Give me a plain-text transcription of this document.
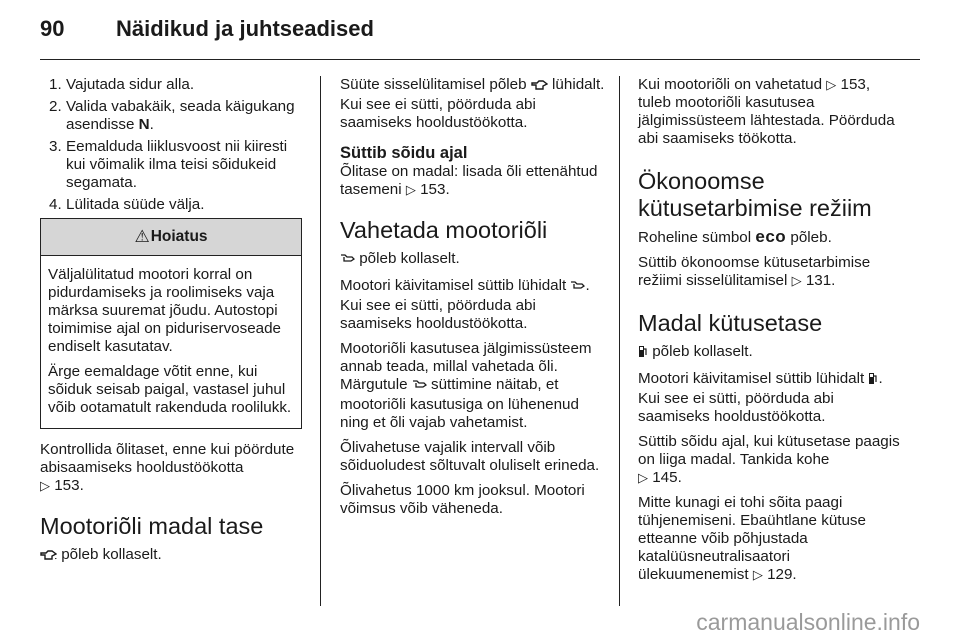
90	Näidikud ja juhtseadised
1. Vajutada sidur alla.
2. Valida vabakäik, seada käigukang asendisse N.
3. Eemalduda liiklusvoost nii kiiresti kui võimalik ilma teisi sõidukeid segamata.
4. Lülitada süüde välja.
⚠ Hoiatus

Väljalülitatud mootori korral on pidurdamiseks ja roolimiseks vaja märksa suuremat jõudu. Autostopi toimimise ajal on piduriservoseade endiselt kasutatav.

Ärge eemaldage võtit enne, kui sõiduk seisab paigal, vastasel juhul võib ootamatult rakenduda roolilukk.

Kontrollida õlitaset, enne kui pöördute abisaamiseks hooldustöökotta
▷ 153.

Mootoriõli madal tase

põleb kollaselt.

Süüte sisselülitamisel põleb lühidalt. Kui see ei sütti, pöörduda abi saamiseks hooldustöökotta.

Süttib sõidu ajal

Õlitase on madal: lisada õli ettenähtud tasemeni ▷ 153.

Vahetada mootoriõli

põleb kollaselt.

Mootori käivitamisel süttib lühidalt . Kui see ei sütti, pöörduda abi saamiseks hooldustöökotta.

Mootoriõli kasutusea jälgimissüsteem annab teada, millal vahetada õli. Märgutule süttimine näitab, et mootoriõli kasutusiga on lühenenud ning et õli vajab vahetamist.

Õlivahetuse vajalik intervall võib sõiduoludest sõltuvalt oluliselt erineda.

Õlivahetus 1000 km jooksul. Mootori võimsus võib väheneda.

Kui mootoriõli on vahetatud ▷ 153, tuleb mootoriõli kasutusea jälgimissüsteem lähtestada. Pöörduda abi saamiseks töökotta.

Ökonoomse kütusetarbimise režiim

Roheline sümbol eco põleb.

Süttib ökonoomse kütusetarbimise režiimi sisselülitamisel ▷ 131.

Madal kütusetase

põleb kollaselt.

Mootori käivitamisel süttib lühidalt . Kui see ei sütti, pöörduda abi saamiseks hooldustöökotta.

Süttib sõidu ajal, kui kütusetase paagis on liiga madal. Tankida kohe
▷ 145.

Mitte kunagi ei tohi sõita paagi tühjenemiseni. Ebaühtlane kütuse etteanne võib põhjustada katalüüsneutralisaatori ülekuumenemist ▷ 129.

carmanualsonline.info
